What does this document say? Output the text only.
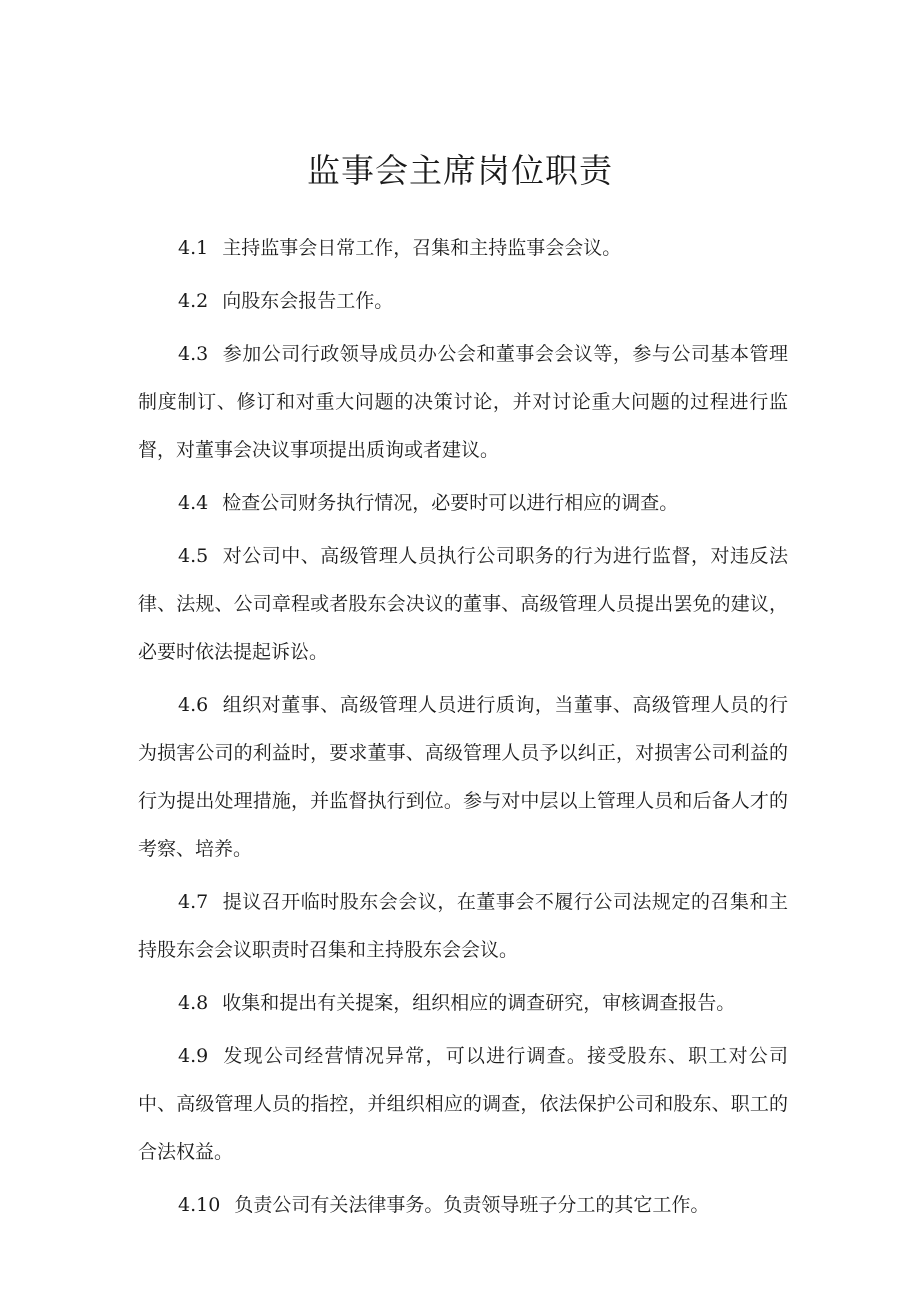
监事会主席岗位职责

4.1 主持监事会日常工作，召集和主持监事会会议。

4.2 向股东会报告工作。

4.3 参加公司行政领导成员办公会和董事会会议等，参与公司基本管理制度制订、修订和对重大问题的决策讨论，并对讨论重大问题的过程进行监督，对董事会决议事项提出质询或者建议。

4.4 检查公司财务执行情况，必要时可以进行相应的调查。

4.5 对公司中、高级管理人员执行公司职务的行为进行监督，对违反法律、法规、公司章程或者股东会决议的董事、高级管理人员提出罢免的建议，必要时依法提起诉讼。

4.6 组织对董事、高级管理人员进行质询，当董事、高级管理人员的行为损害公司的利益时，要求董事、高级管理人员予以纠正，对损害公司利益的行为提出处理措施，并监督执行到位。参与对中层以上管理人员和后备人才的考察、培养。

4.7 提议召开临时股东会会议，在董事会不履行公司法规定的召集和主持股东会会议职责时召集和主持股东会会议。

4.8 收集和提出有关提案，组织相应的调查研究，审核调查报告。

4.9 发现公司经营情况异常，可以进行调查。接受股东、职工对公司中、高级管理人员的指控，并组织相应的调查，依法保护公司和股东、职工的合法权益。

4.10 负责公司有关法律事务。负责领导班子分工的其它工作。
